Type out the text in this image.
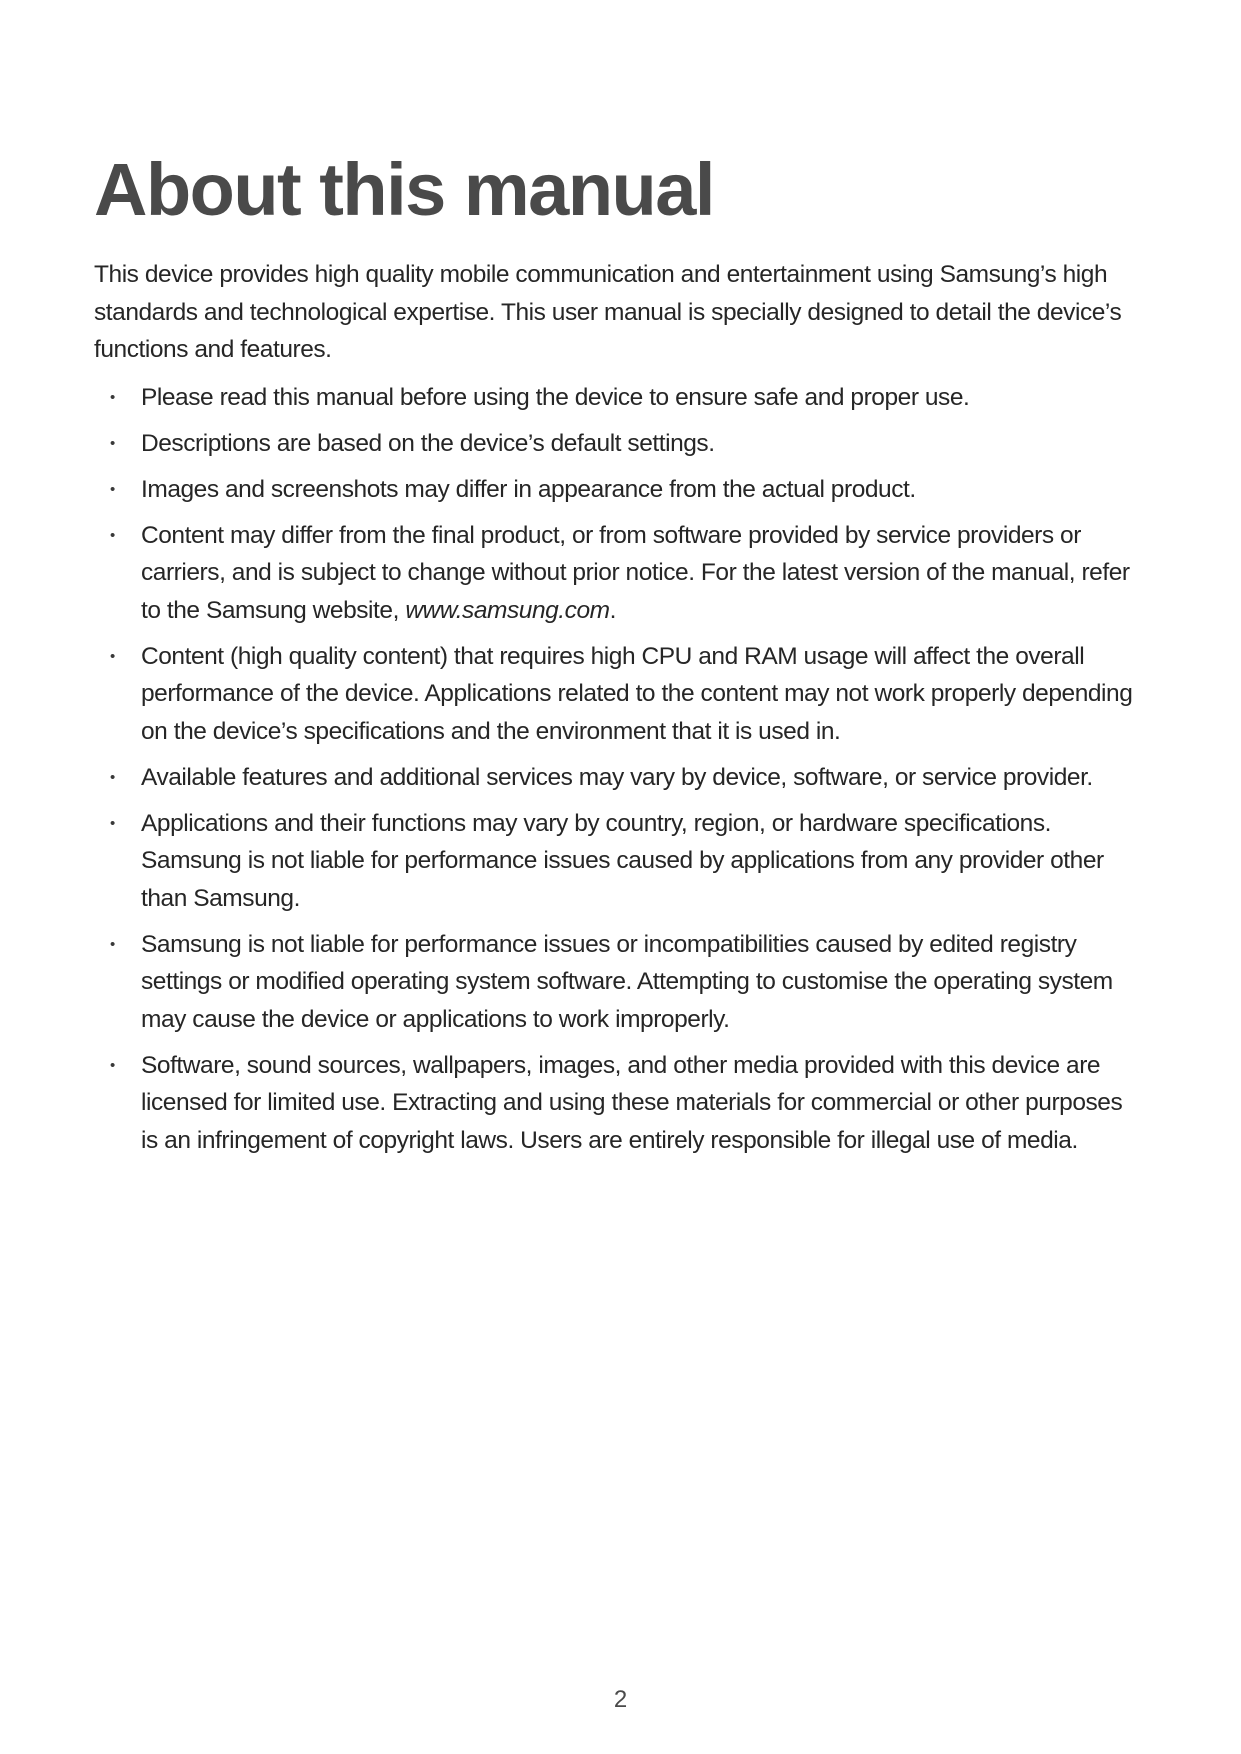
About this manual

This device provides high quality mobile communication and entertainment using Samsung’s high standards and technological expertise. This user manual is specially designed to detail the device’s functions and features.

• Please read this manual before using the device to ensure safe and proper use.
• Descriptions are based on the device’s default settings.
• Images and screenshots may differ in appearance from the actual product.
• Content may differ from the final product, or from software provided by service providers or carriers, and is subject to change without prior notice. For the latest version of the manual, refer to the Samsung website, www.samsung.com.
• Content (high quality content) that requires high CPU and RAM usage will affect the overall performance of the device. Applications related to the content may not work properly depending on the device’s specifications and the environment that it is used in.
• Available features and additional services may vary by device, software, or service provider.
• Applications and their functions may vary by country, region, or hardware specifications. Samsung is not liable for performance issues caused by applications from any provider other than Samsung.
• Samsung is not liable for performance issues or incompatibilities caused by edited registry settings or modified operating system software. Attempting to customise the operating system may cause the device or applications to work improperly.
• Software, sound sources, wallpapers, images, and other media provided with this device are licensed for limited use. Extracting and using these materials for commercial or other purposes is an infringement of copyright laws. Users are entirely responsible for illegal use of media.
2
